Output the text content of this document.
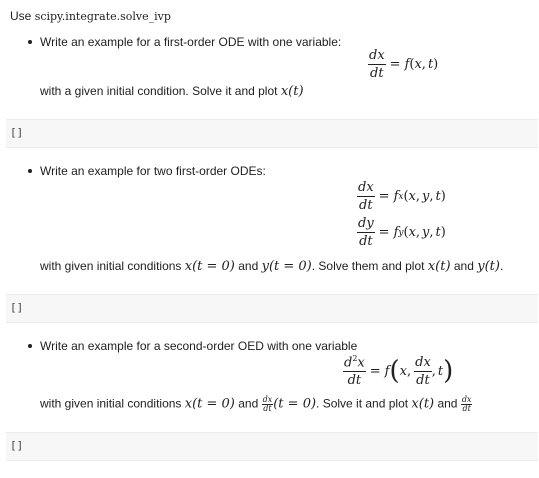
Use scipy.integrate.solve_ivp
Write an example for a first-order ODE with one variable:
$\frac{dx}{dt} = f$ ( x , t )
with a given initial condition. Solve it and plot x(t)
[]
Write an example for two first-order ODEs:
$\frac{dx}{dt} = f$ x ( x , y , t )
$\frac{dy}{dt} = f$ y ( x , y , t )
with given initial conditions x(t = 0) and y(t = 0). Solve them and plot x(t) and y(t).
[]
Write an example for a second-order OED with one variable
$\frac{d^2x}{dt} = f$ ( x , $\frac{dx}{dt}$ , t )
with given initial conditions x(t = 0) and $\frac{dx}{dt} (t = 0)$. Solve it and plot x(t) and $\frac{dx}{dt}$
[]
